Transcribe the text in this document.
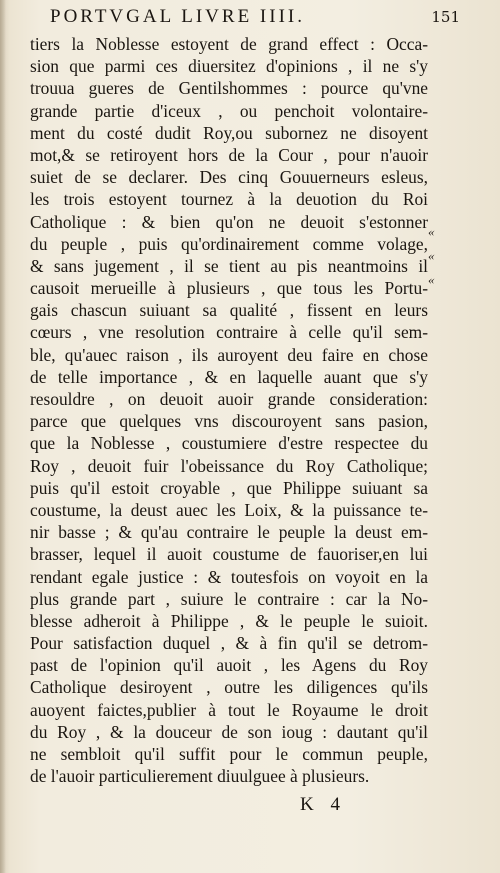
PORTVGAL LIVRE IIII.	151
tiers la Noblesse estoyent de grand effect : Occa-
sion que parmi ces diuersitez d'opinions , il ne s'y
trouua gueres de Gentilshommes : pource qu'vne
grande partie d'iceux , ou penchoit volontaire-
ment du costé dudit Roy,ou subornez ne disoyent
mot,& se retiroyent hors de la Cour , pour n'auoir
suiet de se declarer. Des cinq Gouuerneurs esleus,
les trois estoyent tournez à la deuotion du Roi
Catholique : & bien qu'on ne deuoit s'estonner
du peuple , puis qu'ordinairement comme volage,
& sans jugement , il se tient au pis neantmoins il
causoit merueille à plusieurs , que tous les Portu-
gais chascun suiuant sa qualité , fissent en leurs
cœurs , vne resolution contraire à celle qu'il sem-
ble, qu'auec raison , ils auroyent deu faire en chose
de telle importance , & en laquelle auant que s'y
resouldre , on deuoit auoir grande consideration:
parce que quelques vns discouroyent sans pasion,
que la Noblesse , coustumiere d'estre respectee du
Roy , deuoit fuir l'obeissance du Roy Catholique;
puis qu'il estoit croyable , que Philippe suiuant sa
coustume, la deust auec les Loix, & la puissance te-
nir basse ; & qu'au contraire le peuple la deust em-
brasser, lequel il auoit coustume de fauoriser,en lui
rendant egale justice : & toutesfois on voyoit en la
plus grande part , suiure le contraire : car la No-
blesse adheroit à Philippe , & le peuple le suioit.
Pour satisfaction duquel , & à fin qu'il se detrom-
past de l'opinion qu'il auoit , les Agens du Roy
Catholique desiroyent , outre les diligences qu'ils
auoyent faictes,publier à tout le Royaume le droit
du Roy , & la douceur de son ioug : dautant qu'il
ne sembloit qu'il suffit pour le commun peuple,
de l'auoir particulierement diuulguee à plusieurs.
«
«
«
K 4
